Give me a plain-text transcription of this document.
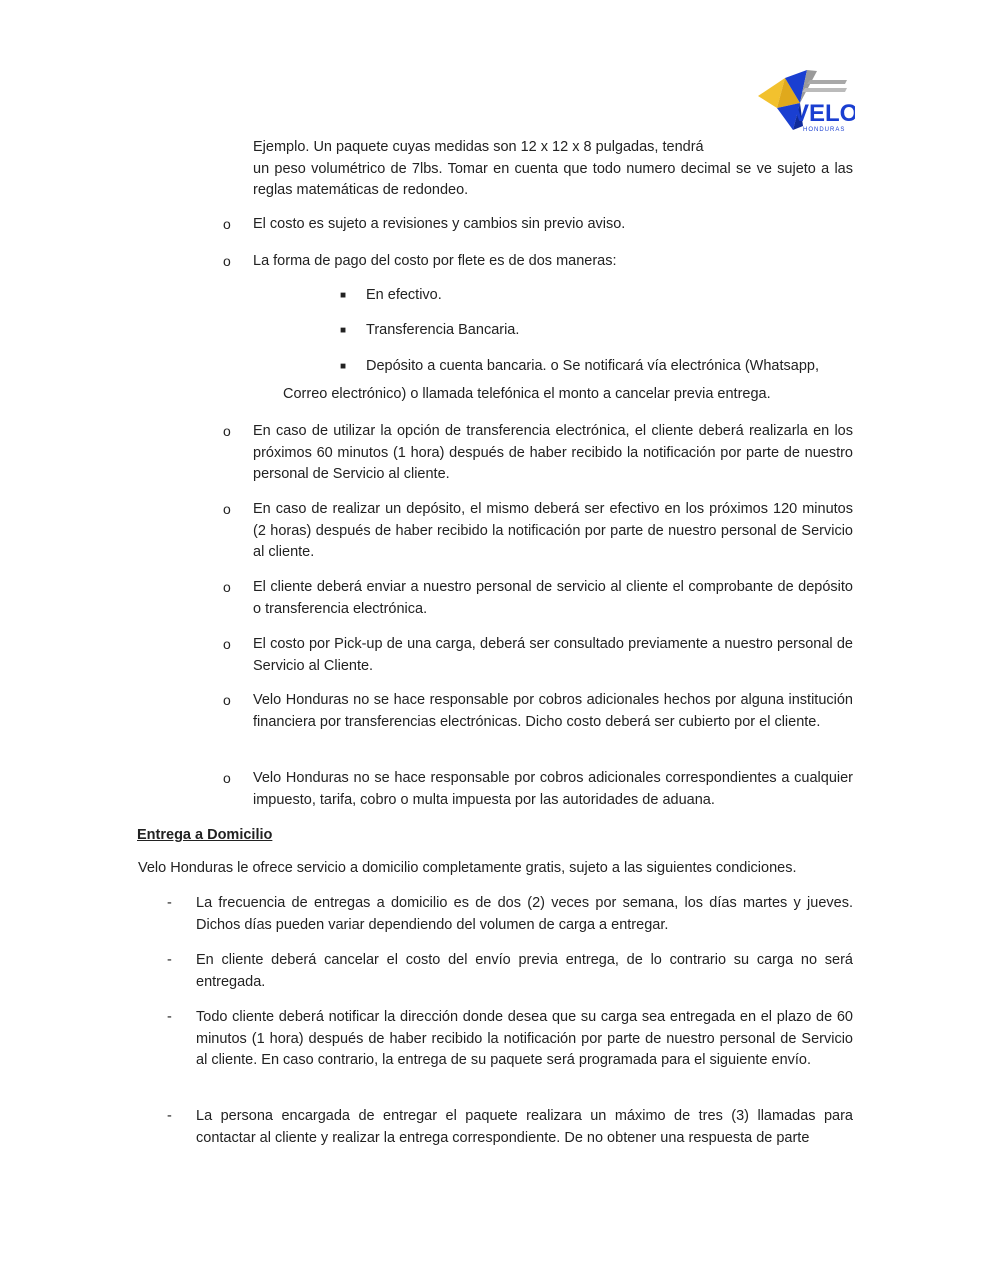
VELO
HONDURAS
Ejemplo. Un paquete cuyas medidas son 12 x 12 x 8 pulgadas, tendrá
un peso volumétrico de 7lbs. Tomar en cuenta que todo numero decimal se ve sujeto a las reglas matemáticas de redondeo.
o El costo es sujeto a revisiones y cambios sin previo aviso.
o La forma de pago del costo por flete es de dos maneras:
■ En efectivo.
■ Transferencia Bancaria.
■ Depósito a cuenta bancaria. o Se notificará vía electrónica (Whatsapp,
Correo electrónico) o llamada telefónica el monto a cancelar previa entrega.
o En caso de utilizar la opción de transferencia electrónica, el cliente deberá realizarla en los próximos 60 minutos (1 hora) después de haber recibido la notificación por parte de nuestro personal de Servicio al cliente.
o En caso de realizar un depósito, el mismo deberá ser efectivo en los próximos 120 minutos (2 horas) después de haber recibido la notificación por parte de nuestro personal de Servicio al cliente.
o El cliente deberá enviar a nuestro personal de servicio al cliente el comprobante de depósito o transferencia electrónica.
o El costo por Pick-up de una carga, deberá ser consultado previamente a nuestro personal de Servicio al Cliente.
o Velo Honduras no se hace responsable por cobros adicionales hechos por alguna institución financiera por transferencias electrónicas. Dicho costo deberá ser cubierto por el cliente.
o Velo Honduras no se hace responsable por cobros adicionales correspondientes a cualquier impuesto, tarifa, cobro o multa impuesta por las autoridades de aduana.
Entrega a Domicilio
Velo Honduras le ofrece servicio a domicilio completamente gratis, sujeto a las siguientes condiciones.
- La frecuencia de entregas a domicilio es de dos (2) veces por semana, los días martes y jueves. Dichos días pueden variar dependiendo del volumen de carga a entregar.
- En cliente deberá cancelar el costo del envío previa entrega, de lo contrario su carga no será entregada.
- Todo cliente deberá notificar la dirección donde desea que su carga sea entregada en el plazo de 60 minutos (1 hora) después de haber recibido la notificación por parte de nuestro personal de Servicio al cliente. En caso contrario, la entrega de su paquete será programada para el siguiente envío.
- La persona encargada de entregar el paquete realizara un máximo de tres (3) llamadas para contactar al cliente y realizar la entrega correspondiente. De no obtener una respuesta de parte
